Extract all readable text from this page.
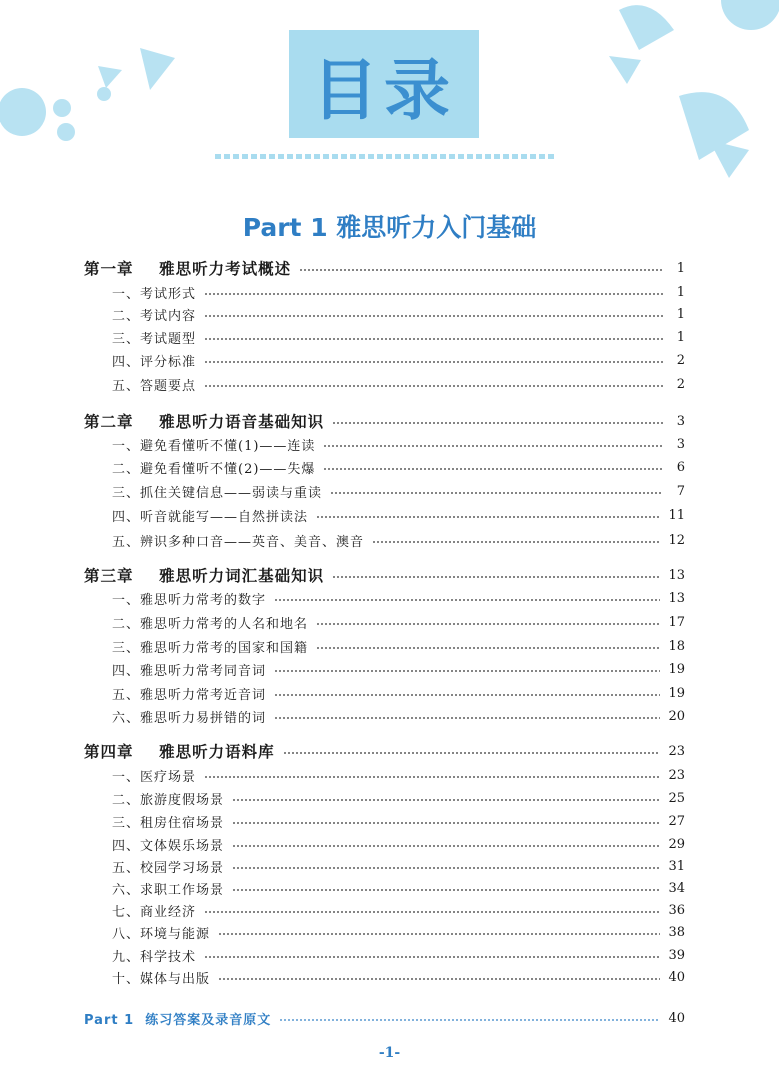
目录
Part 1 雅思听力入门基础
第一章    雅思听力考试概述	1
一、考试形式	1
二、考试内容	1
三、考试题型	1
四、评分标准	2
五、答题要点	2
第二章    雅思听力语音基础知识	3
一、避免看懂听不懂(1)——连读	3
二、避免看懂听不懂(2)——失爆	6
三、抓住关键信息——弱读与重读	7
四、听音就能写——自然拼读法	11
五、辨识多种口音——英音、美音、澳音	12
第三章    雅思听力词汇基础知识	13
一、雅思听力常考的数字	13
二、雅思听力常考的人名和地名	17
三、雅思听力常考的国家和国籍	18
四、雅思听力常考同音词	19
五、雅思听力常考近音词	19
六、雅思听力易拼错的词	20
第四章    雅思听力语料库	23
一、医疗场景	23
二、旅游度假场景	25
三、租房住宿场景	27
四、文体娱乐场景	29
五、校园学习场景	31
六、求职工作场景	34
七、商业经济	36
八、环境与能源	38
九、科学技术	39
十、媒体与出版	40
Part 1  练习答案及录音原文	40
-1-
